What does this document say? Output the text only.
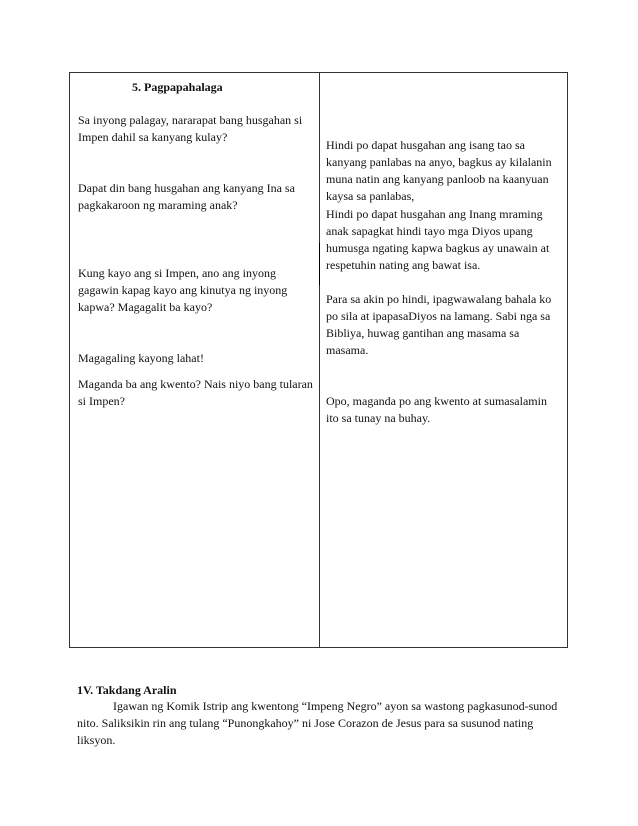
5. Pagpapahalaga

Sa inyong palagay, nararapat bang husgahan si Impen dahil sa kanyang kulay?

Dapat din bang husgahan ang kanyang Ina sa pagkakaroon ng maraming anak?

Kung kayo ang si Impen, ano ang inyong gagawin kapag kayo ang kinutya ng inyong kapwa? Magagalit ba kayo?

Magagaling kayong lahat!

Maganda ba ang kwento? Nais niyo bang tularan si Impen?

Hindi po dapat husgahan ang isang tao sa kanyang panlabas na anyo, bagkus ay kilalanin muna natin ang kanyang panloob na kaanyuan kaysa sa panlabas,

Hindi po dapat husgahan ang Inang mraming anak sapagkat hindi tayo mga Diyos upang humusga ngating kapwa bagkus ay unawain at respetuhin nating ang bawat isa.

Para sa akin po hindi, ipagwawalang bahala ko po sila at ipapasaDiyos na lamang. Sabi nga sa Bibliya, huwag gantihan ang masama sa masama.

Opo, maganda po ang kwento at sumasalamin ito sa tunay na buhay.

1V. Takdang Aralin

Igawan ng Komik Istrip ang kwentong “Impeng Negro” ayon sa wastong pagkasunod-sunod nito. Saliksikin rin ang tulang “Punongkahoy” ni Jose Corazon de Jesus para sa susunod nating liksyon.
